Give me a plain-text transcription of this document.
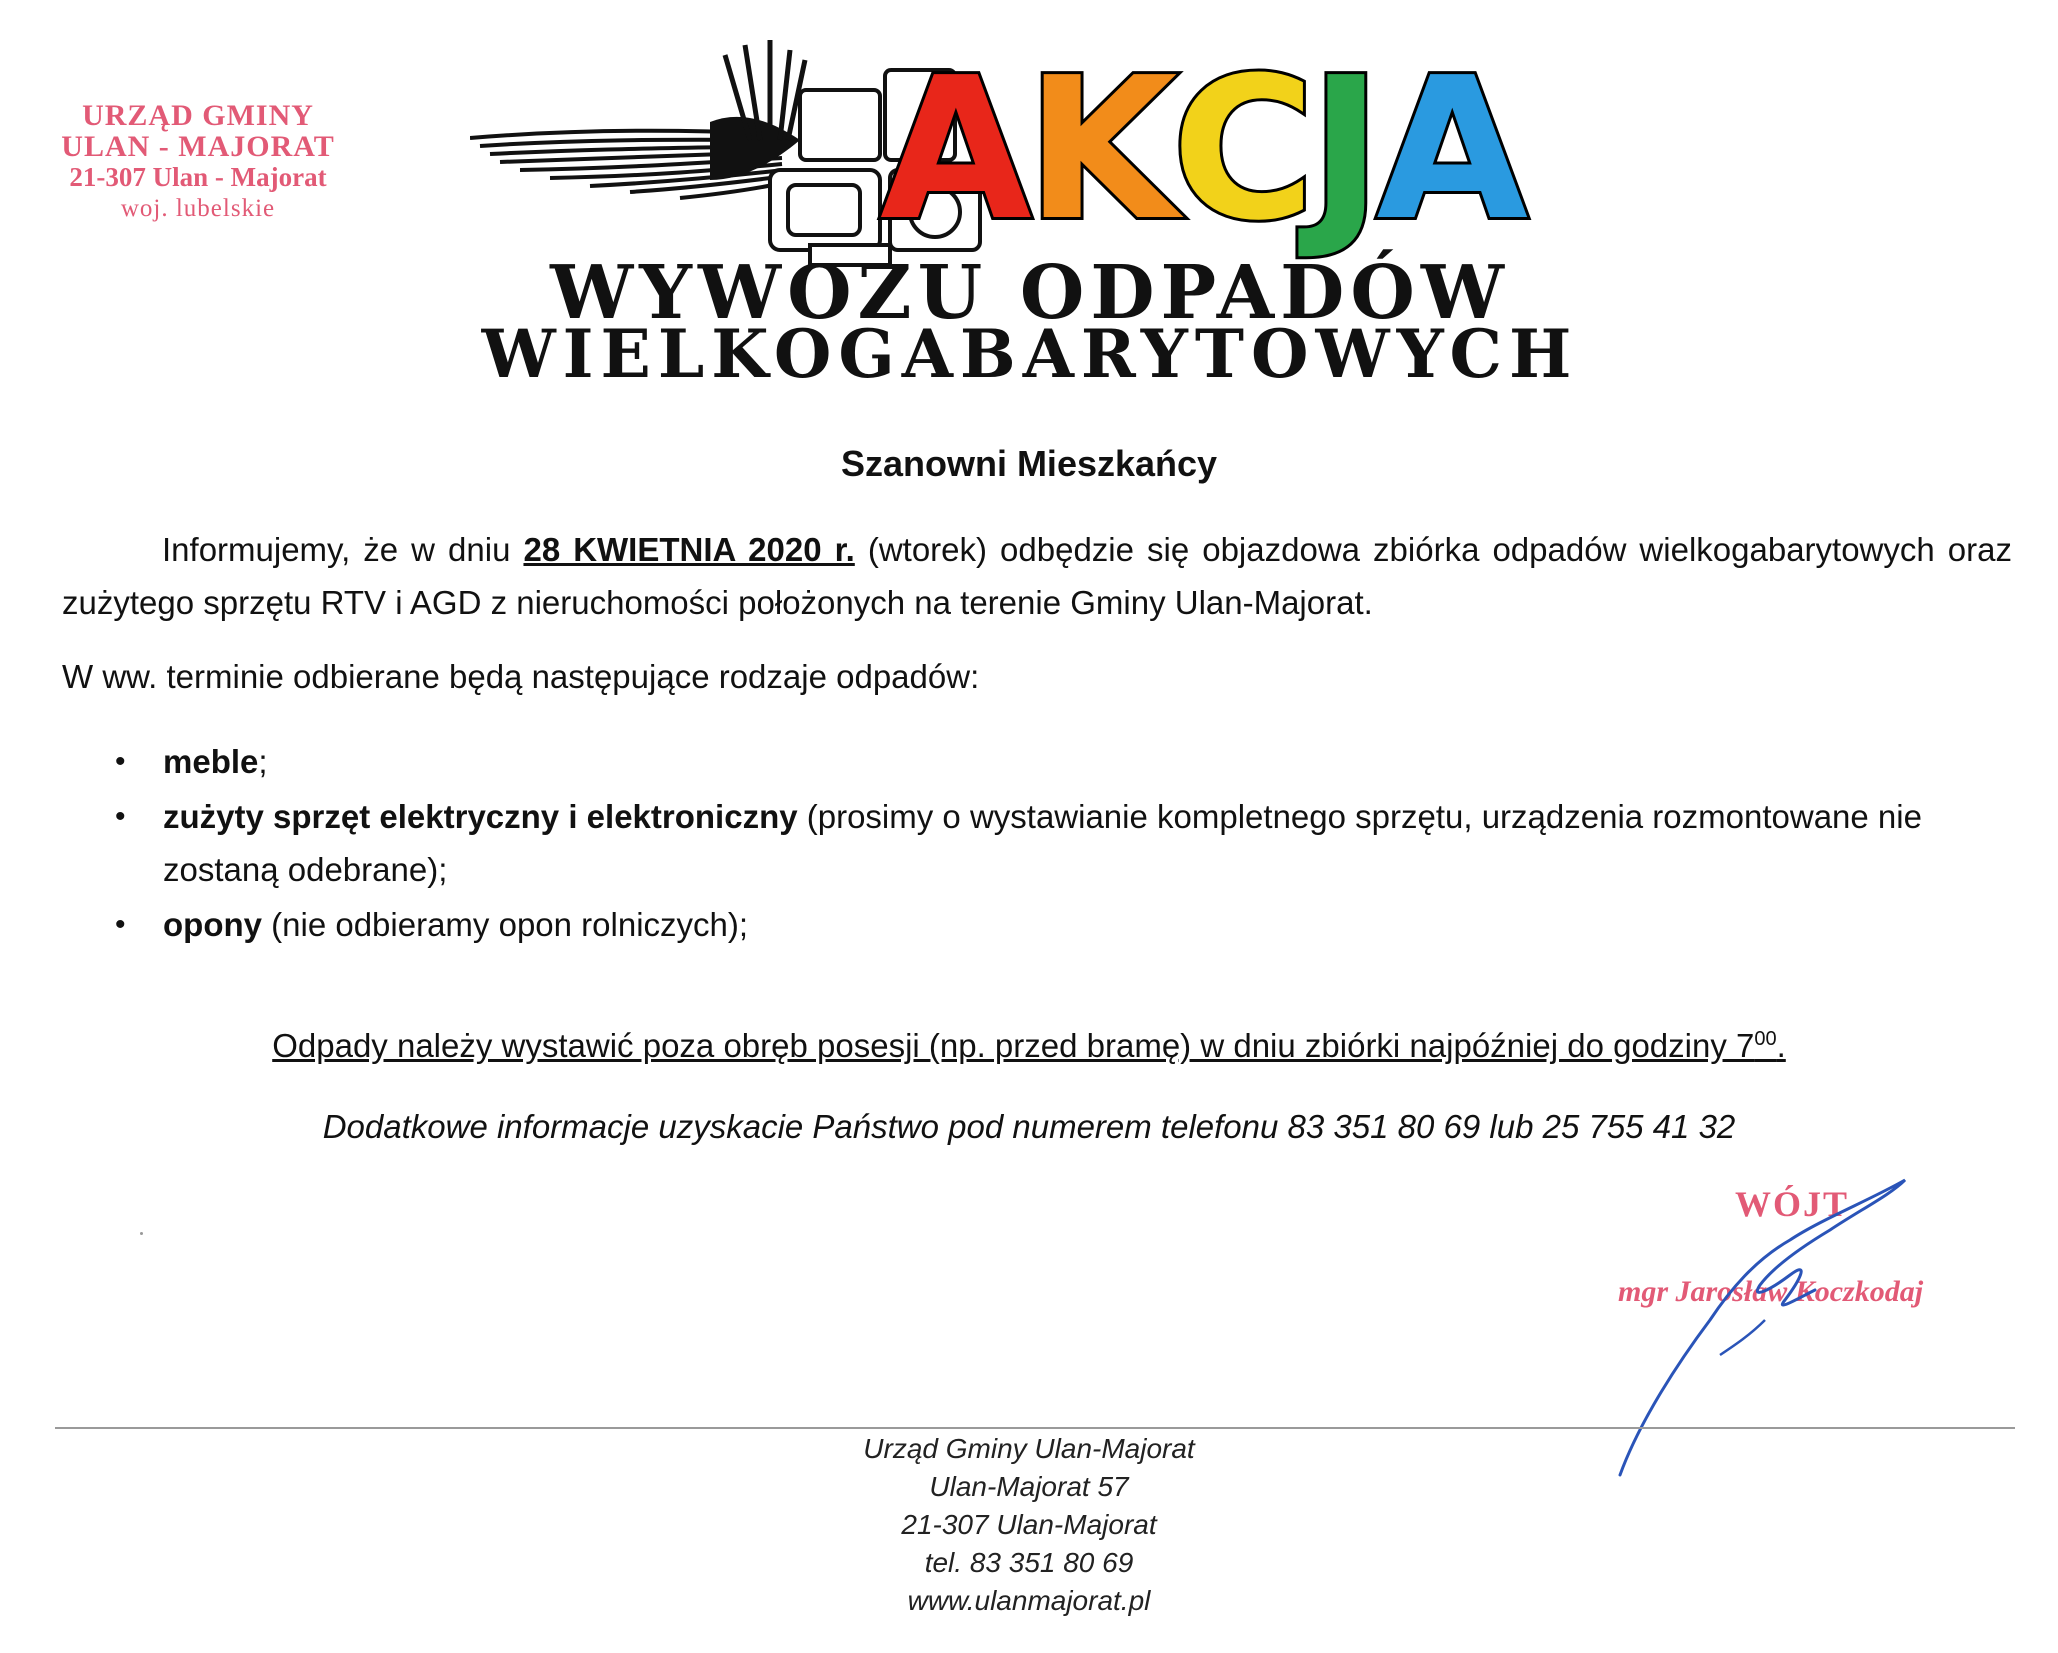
URZĄD GMINY
ULAN - MAJORAT
21-307 Ulan - Majorat
woj. lubelskie	AKCJA
WYWOZU ODPADÓW
WIELKOGABARYTOWYCH
Szanowni Mieszkańcy
Informujemy, że w dniu 28 KWIETNIA 2020 r. (wtorek) odbędzie się objazdowa zbiórka odpadów wielkogabarytowych oraz zużytego sprzętu RTV i AGD z nieruchomości położonych na terenie Gminy Ulan-Majorat.
W ww. terminie odbierane będą następujące rodzaje odpadów:
• meble;
• zużyty sprzęt elektryczny i elektroniczny (prosimy o wystawianie kompletnego sprzętu, urządzenia rozmontowane nie zostaną odebrane);
• opony (nie odbieramy opon rolniczych);
Odpady należy wystawić poza obręb posesji (np. przed bramę) w dniu zbiórki najpóźniej do godziny $7^{00}$.
Dodatkowe informacje uzyskacie Państwo pod numerem telefonu 83 351 80 69 lub 25 755 41 32
WÓJT
mgr Jarosław Koczkodaj
Urząd Gminy Ulan-Majorat
Ulan-Majorat 57
21-307 Ulan-Majorat
tel. 83 351 80 69
www.ulanmajorat.pl
